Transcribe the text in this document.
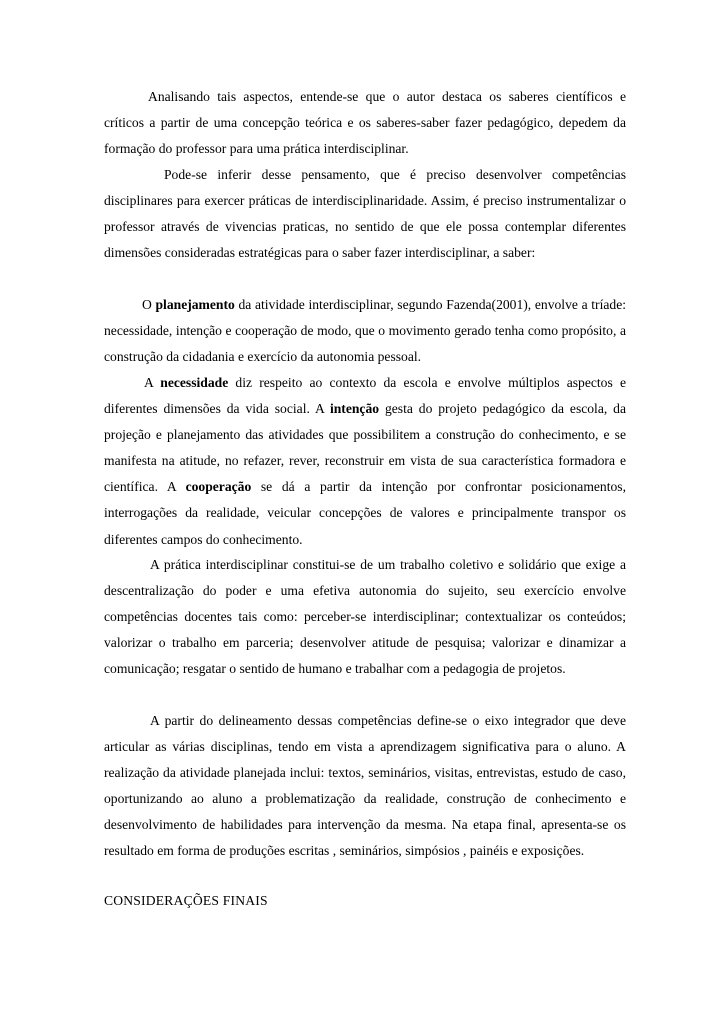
Analisando tais aspectos, entende-se que o autor destaca os saberes científicos e críticos a partir de uma concepção teórica e os saberes-saber fazer pedagógico, depedem da formação do professor para uma prática interdisciplinar.

Pode-se inferir desse pensamento, que é preciso desenvolver competências disciplinares para exercer práticas de interdisciplinaridade. Assim, é preciso instrumentalizar o professor através de vivencias praticas, no sentido de que ele possa contemplar diferentes dimensões consideradas estratégicas para o saber fazer interdisciplinar, a saber:

O planejamento da atividade interdisciplinar, segundo Fazenda(2001), envolve a tríade: necessidade, intenção e cooperação de modo, que o movimento gerado tenha como propósito, a construção da cidadania e exercício da autonomia pessoal.

A necessidade diz respeito ao contexto da escola e envolve múltiplos aspectos e diferentes dimensões da vida social. A intenção gesta do projeto pedagógico da escola, da projeção e planejamento das atividades que possibilitem a construção do conhecimento, e se manifesta na atitude, no refazer, rever, reconstruir em vista de sua característica formadora e científica. A cooperação se dá a partir da intenção por confrontar posicionamentos, interrogações da realidade, veicular concepções de valores e principalmente transpor os diferentes campos do conhecimento.

A prática interdisciplinar constitui-se de um trabalho coletivo e solidário que exige a descentralização do poder e uma efetiva autonomia do sujeito, seu exercício envolve competências docentes tais como: perceber-se interdisciplinar; contextualizar os conteúdos; valorizar o trabalho em parceria; desenvolver atitude de pesquisa; valorizar e dinamizar a comunicação; resgatar o sentido de humano e trabalhar com a pedagogia de projetos.

A partir do delineamento dessas competências define-se o eixo integrador que deve articular as várias disciplinas, tendo em vista a aprendizagem significativa para o aluno. A realização da atividade planejada inclui: textos, seminários, visitas, entrevistas, estudo de caso, oportunizando ao aluno a problematização da realidade, construção de conhecimento e desenvolvimento de habilidades para intervenção da mesma. Na etapa final, apresenta-se os resultado em forma de produções escritas , seminários, simpósios , painéis e exposições.

CONSIDERAÇÕES FINAIS
